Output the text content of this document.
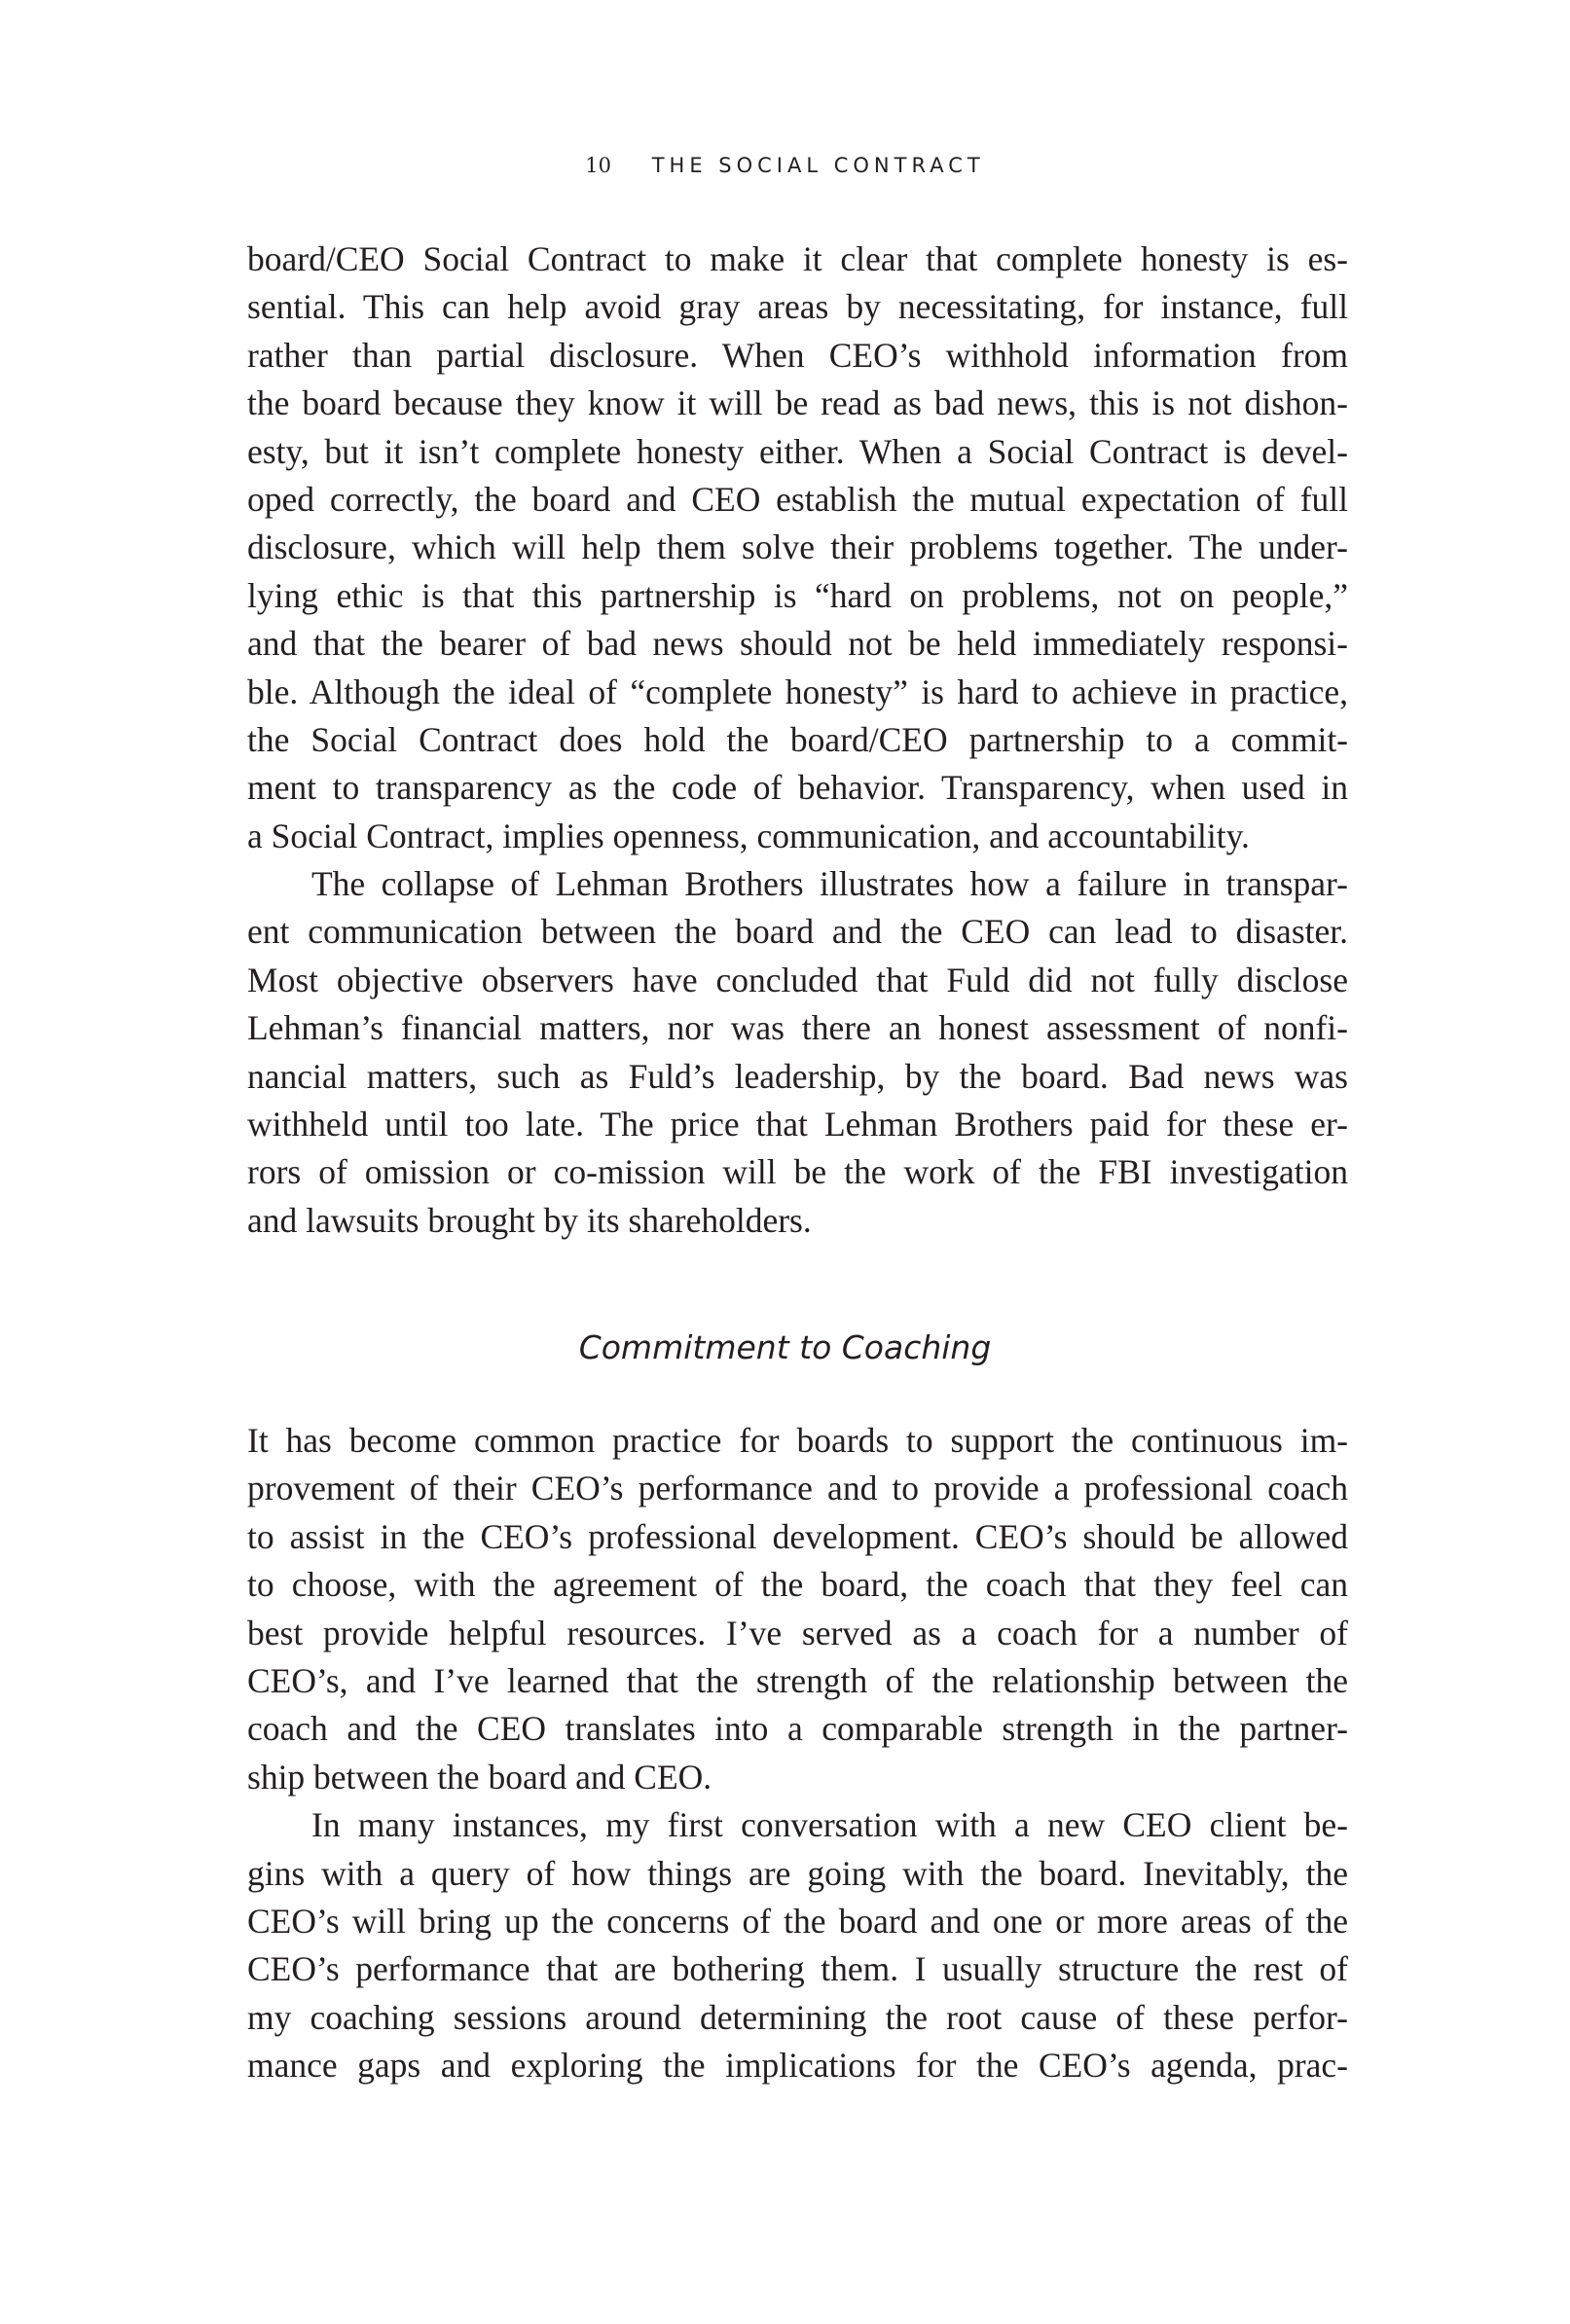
10 THE SOCIAL CONTRACT
board/CEO Social Contract to make it clear that complete honesty is es-
sential. This can help avoid gray areas by necessitating, for instance, full
rather than partial disclosure. When CEO’s withhold information from
the board because they know it will be read as bad news, this is not dishon-
esty, but it isn’t complete honesty either. When a Social Contract is devel-
oped correctly, the board and CEO establish the mutual expectation of full
disclosure, which will help them solve their problems together. The under-
lying ethic is that this partnership is “hard on problems, not on people,”
and that the bearer of bad news should not be held immediately responsi-
ble. Although the ideal of “complete honesty” is hard to achieve in practice,
the Social Contract does hold the board/CEO partnership to a commit-
ment to transparency as the code of behavior. Transparency, when used in
a Social Contract, implies openness, communication, and accountability.
The collapse of Lehman Brothers illustrates how a failure in transpar-
ent communication between the board and the CEO can lead to disaster.
Most objective observers have concluded that Fuld did not fully disclose
Lehman’s financial matters, nor was there an honest assessment of nonfi-
nancial matters, such as Fuld’s leadership, by the board. Bad news was
withheld until too late. The price that Lehman Brothers paid for these er-
rors of omission or co-mission will be the work of the FBI investigation
and lawsuits brought by its shareholders.
Commitment to Coaching
It has become common practice for boards to support the continuous im-
provement of their CEO’s performance and to provide a professional coach
to assist in the CEO’s professional development. CEO’s should be allowed
to choose, with the agreement of the board, the coach that they feel can
best provide helpful resources. I’ve served as a coach for a number of
CEO’s, and I’ve learned that the strength of the relationship between the
coach and the CEO translates into a comparable strength in the partner-
ship between the board and CEO.
In many instances, my first conversation with a new CEO client be-
gins with a query of how things are going with the board. Inevitably, the
CEO’s will bring up the concerns of the board and one or more areas of the
CEO’s performance that are bothering them. I usually structure the rest of
my coaching sessions around determining the root cause of these perfor-
mance gaps and exploring the implications for the CEO’s agenda, prac-
